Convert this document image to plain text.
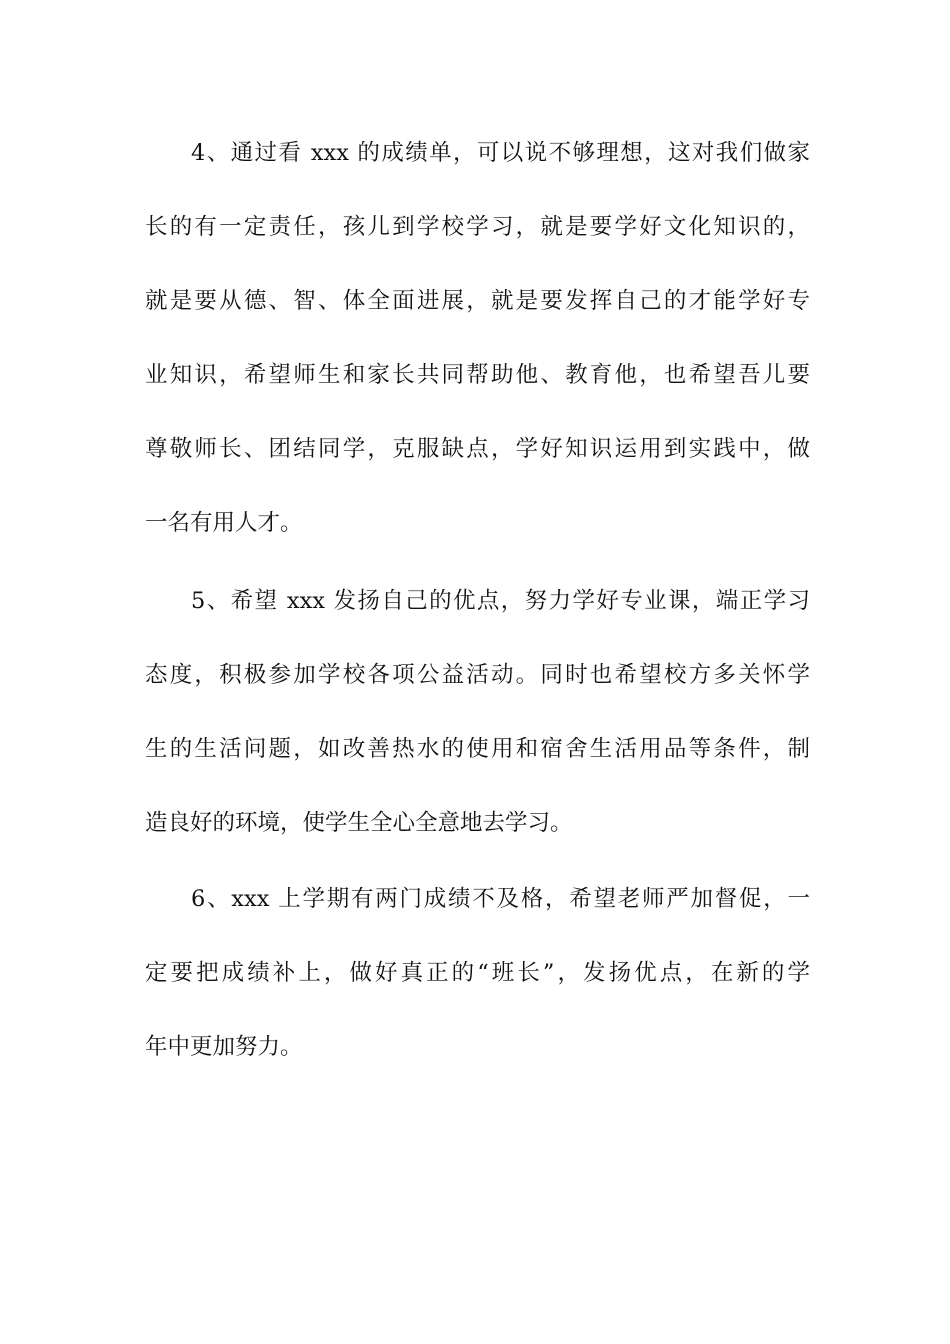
4、通过看 xxx 的成绩单，可以说不够理想，这对我们做家
长的有一定责任，孩儿到学校学习，就是要学好文化知识的，
就是要从德、智、体全面进展，就是要发挥自己的才能学好专
业知识，希望师生和家长共同帮助他、教育他，也希望吾儿要
尊敬师长、团结同学，克服缺点，学好知识运用到实践中，做
一名有用人才。
5、希望 xxx 发扬自己的优点，努力学好专业课，端正学习
态度，积极参加学校各项公益活动。同时也希望校方多关怀学
生的生活问题，如改善热水的使用和宿舍生活用品等条件，制
造良好的环境，使学生全心全意地去学习。
6、xxx 上学期有两门成绩不及格，希望老师严加督促，一
定要把成绩补上，做好真正的“班长”，发扬优点，在新的学
年中更加努力。
